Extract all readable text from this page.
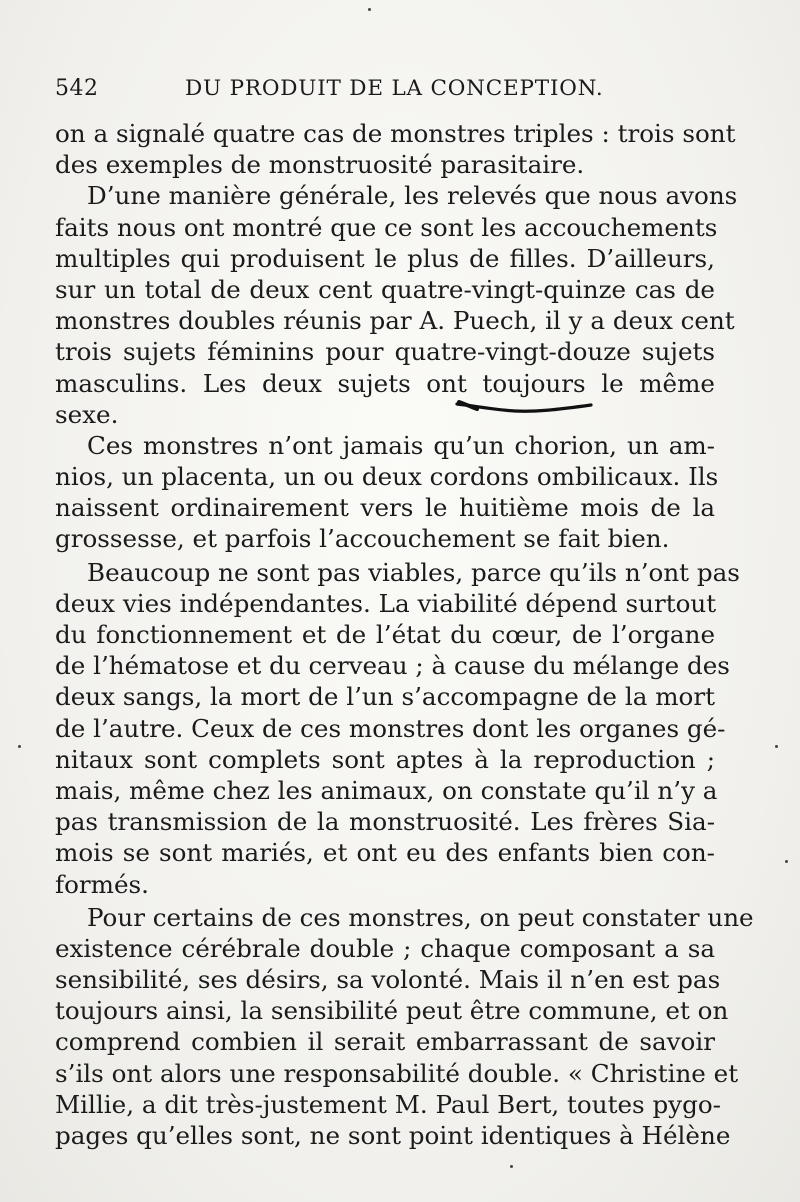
542	DU PRODUIT DE LA CONCEPTION.
on a signalé quatre cas de monstres triples : trois sont
des exemples de monstruosité parasitaire.
D’une manière générale, les relevés que nous avons
faits nous ont montré que ce sont les accouchements
multiples qui produisent le plus de filles. D’ailleurs,
sur un total de deux cent quatre-vingt-quinze cas de
monstres doubles réunis par A. Puech, il y a deux cent
trois sujets féminins pour quatre-vingt-douze sujets
masculins. Les deux sujets ont toujours le même
sexe.
Ces monstres n’ont jamais qu’un chorion, un am-
nios, un placenta, un ou deux cordons ombilicaux. Ils
naissent ordinairement vers le huitième mois de la
grossesse, et parfois l’accouchement se fait bien.
Beaucoup ne sont pas viables, parce qu’ils n’ont pas
deux vies indépendantes. La viabilité dépend surtout
du fonctionnement et de l’état du cœur, de l’organe
de l’hématose et du cerveau ; à cause du mélange des
deux sangs, la mort de l’un s’accompagne de la mort
de l’autre. Ceux de ces monstres dont les organes gé-
nitaux sont complets sont aptes à la reproduction ;
mais, même chez les animaux, on constate qu’il n’y a
pas transmission de la monstruosité. Les frères Sia-
mois se sont mariés, et ont eu des enfants bien con-
formés.
Pour certains de ces monstres, on peut constater une
existence cérébrale double ; chaque composant a sa
sensibilité, ses désirs, sa volonté. Mais il n’en est pas
toujours ainsi, la sensibilité peut être commune, et on
comprend combien il serait embarrassant de savoir
s’ils ont alors une responsabilité double. « Christine et
Millie, a dit très-justement M. Paul Bert, toutes pygo-
pages qu’elles sont, ne sont point identiques à Hélène
